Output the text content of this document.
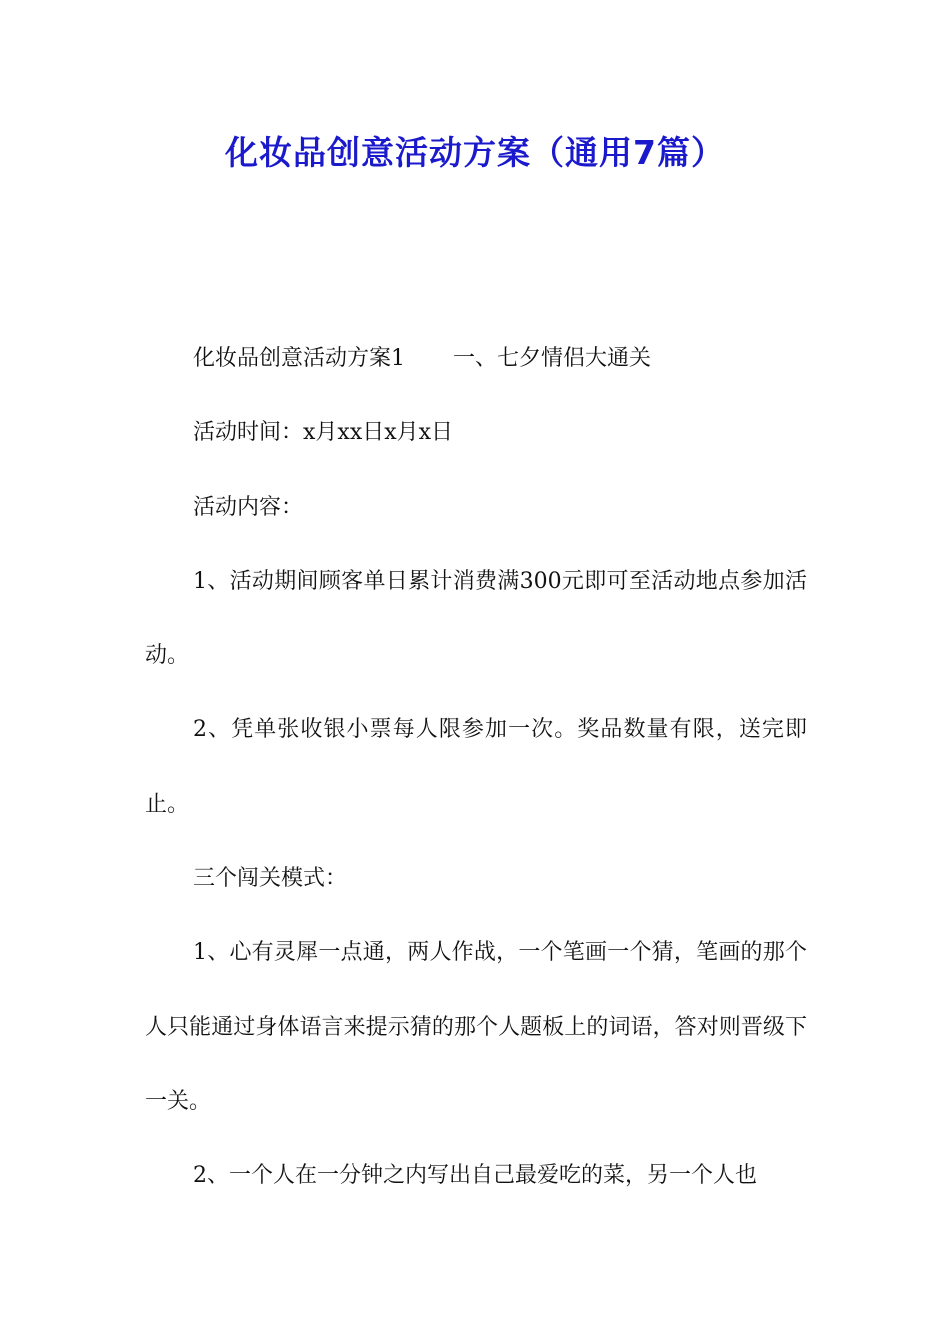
化妆品创意活动方案（通用7篇）

化妆品创意活动方案1 一、七夕情侣大通关

活动时间：x月xx日x月x日

活动内容：

1、活动期间顾客单日累计消费满300元即可至活动地点参加活动。

2、凭单张收银小票每人限参加一次。奖品数量有限，送完即止。

三个闯关模式：

1、心有灵犀一点通，两人作战，一个笔画一个猜，笔画的那个人只能通过身体语言来提示猜的那个人题板上的词语，答对则晋级下一关。

2、一个人在一分钟之内写出自己最爱吃的菜，另一个人也
